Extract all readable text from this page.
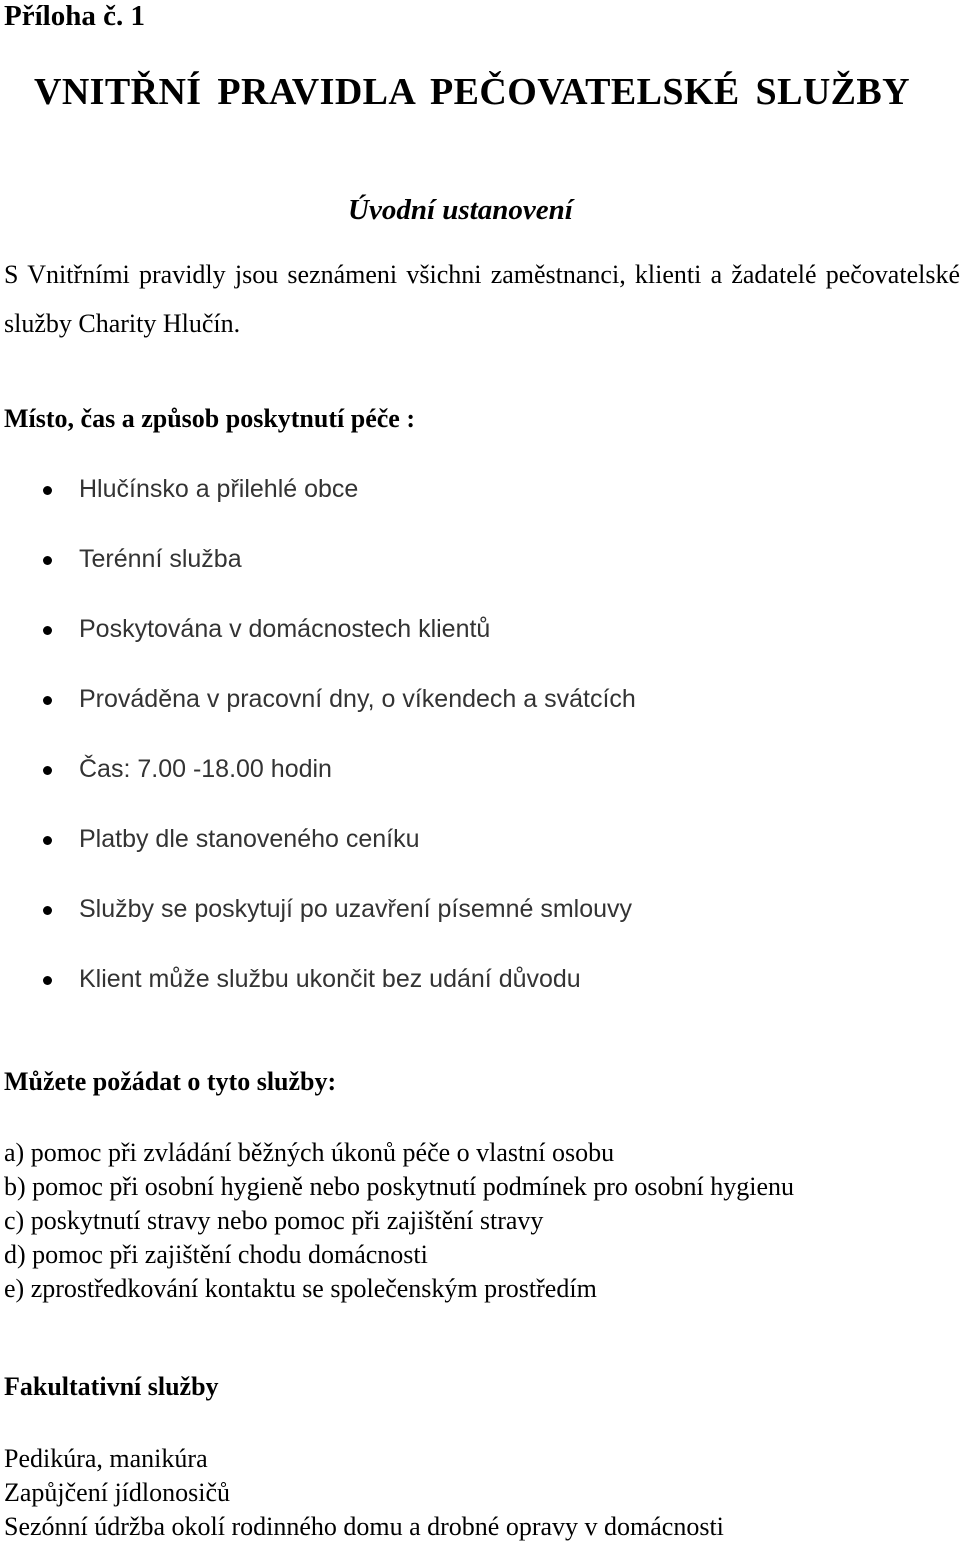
Příloha č. 1
VNITŘNÍ PRAVIDLA PEČOVATELSKÉ SLUŽBY
Úvodní ustanovení

S Vnitřními pravidly jsou seznámeni všichni zaměstnanci, klienti a žadatelé pečovatelské služby Charity Hlučín.

Místo, čas a způsob poskytnutí péče :
Hlučínsko a přilehlé obce
Terénní služba
Poskytována v domácnostech klientů
Prováděna v pracovní dny, o víkendech a svátcích
Čas: 7.00 -18.00 hodin
Platby dle stanoveného ceníku
Služby se poskytují po uzavření písemné smlouvy
Klient může službu ukončit bez udání důvodu
Můžete požádat o tyto služby:
a) pomoc při zvládání běžných úkonů péče o vlastní osobu
b) pomoc při osobní hygieně nebo poskytnutí podmínek pro osobní hygienu
c) poskytnutí stravy nebo pomoc při zajištění stravy
d) pomoc při zajištění chodu domácnosti
e) zprostředkování kontaktu se společenským prostředím
Fakultativní služby
Pedikúra, manikúra
Zapůjčení jídlonosičů
Sezónní údržba okolí rodinného domu a drobné opravy v domácnosti
